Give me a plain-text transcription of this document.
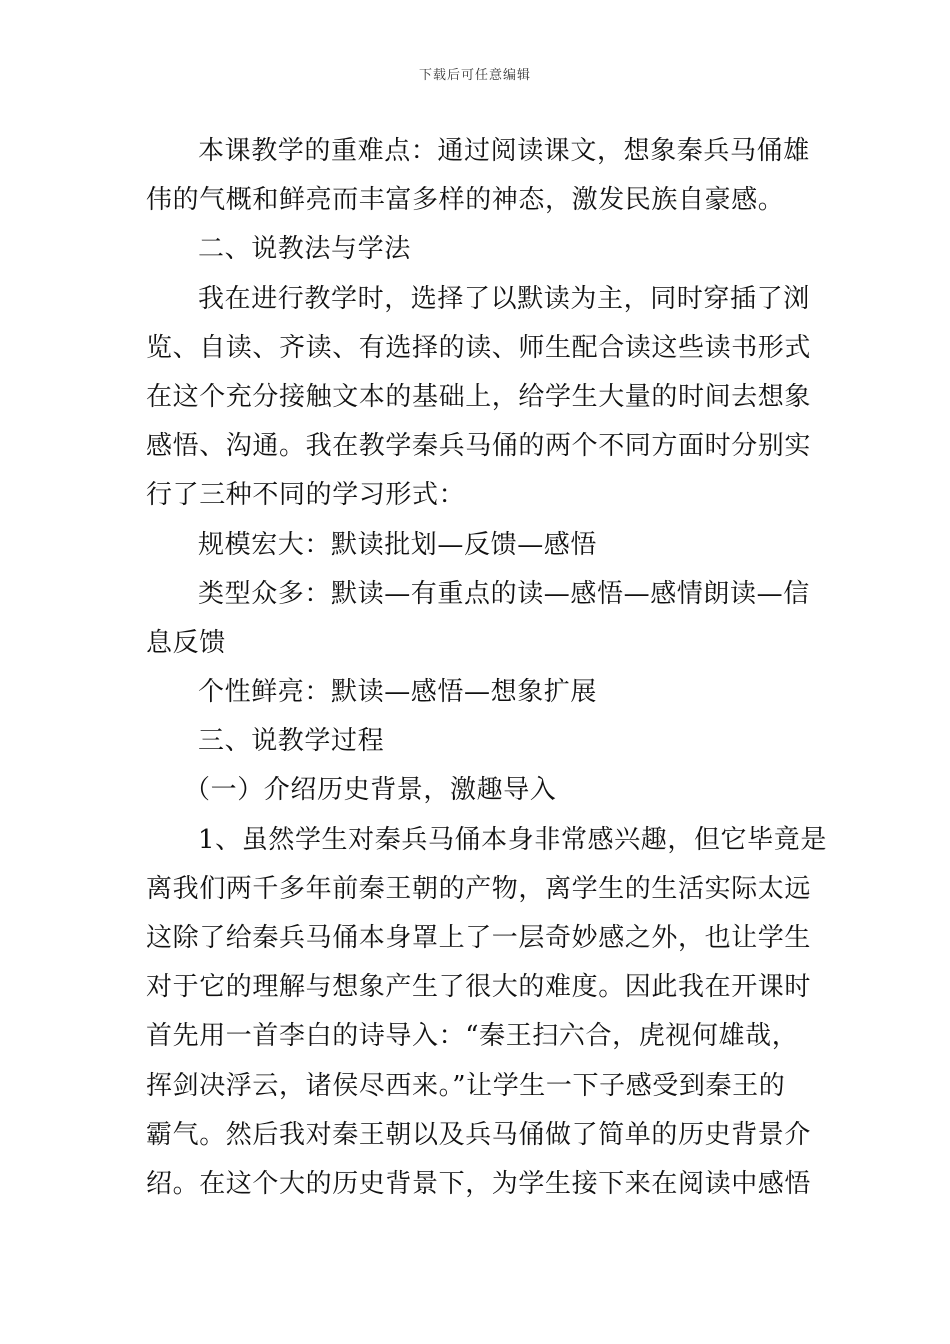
下载后可任意编辑
本课教学的重难点：通过阅读课文，想象秦兵马俑雄
伟的气概和鲜亮而丰富多样的神态，激发民族自豪感。
二、说教法与学法
我在进行教学时，选择了以默读为主，同时穿插了浏
览、自读、齐读、有选择的读、师生配合读这些读书形式
在这个充分接触文本的基础上，给学生大量的时间去想象
感悟、沟通。我在教学秦兵马俑的两个不同方面时分别实
行了三种不同的学习形式：
规模宏大：默读批划—反馈—感悟
类型众多：默读—有重点的读—感悟—感情朗读—信
息反馈
个性鲜亮：默读—感悟—想象扩展
三、说教学过程
（一）介绍历史背景，激趣导入
1、虽然学生对秦兵马俑本身非常感兴趣，但它毕竟是
离我们两千多年前秦王朝的产物，离学生的生活实际太远
这除了给秦兵马俑本身罩上了一层奇妙感之外，也让学生
对于它的理解与想象产生了很大的难度。因此我在开课时
首先用一首李白的诗导入：“秦王扫六合，虎视何雄哉，
挥剑决浮云，诸侯尽西来。”让学生一下子感受到秦王的
霸气。然后我对秦王朝以及兵马俑做了简单的历史背景介
绍。在这个大的历史背景下，为学生接下来在阅读中感悟
